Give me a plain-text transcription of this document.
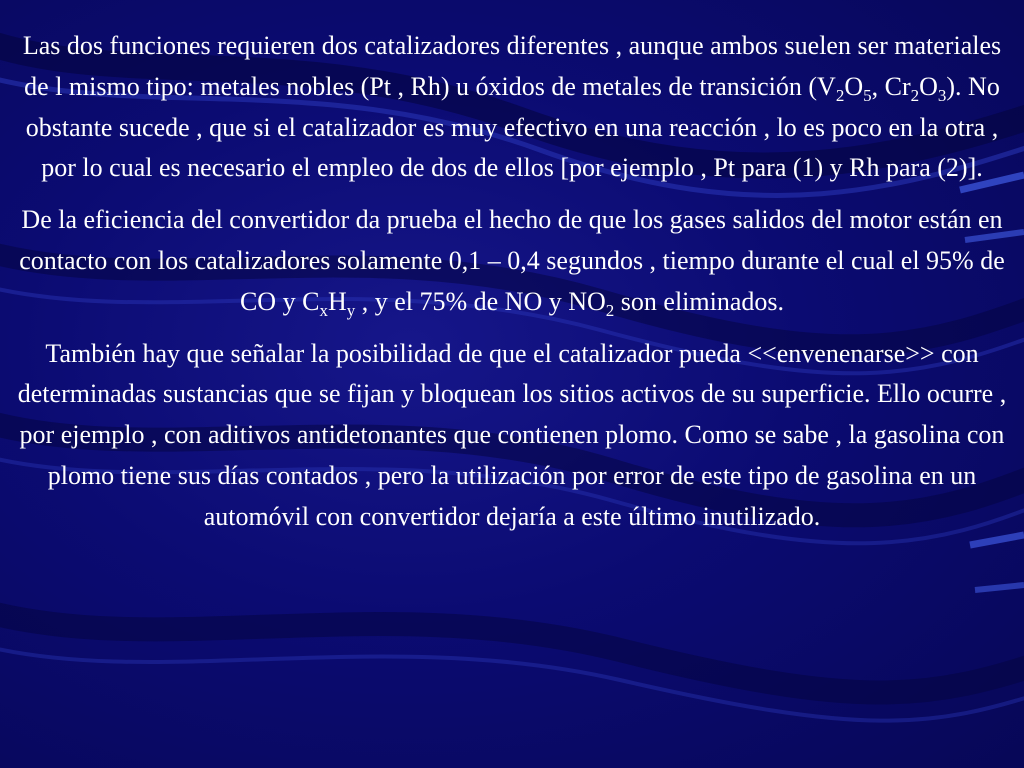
Las dos funciones requieren dos catalizadores diferentes , aunque ambos suelen ser materiales de l mismo tipo: metales nobles (Pt , Rh) u óxidos de metales de transición ($V_2O_5$, $Cr_2O_3$). No obstante sucede , que si el catalizador es muy efectivo en una reacción , lo es poco en la otra , por lo cual es necesario el empleo de dos de ellos [por ejemplo , Pt para (1) y Rh para (2)].

De la eficiencia del convertidor da prueba el hecho de que los gases salidos del motor están en contacto con los catalizadores solamente 0,1 – 0,4 segundos , tiempo durante el cual el 95% de CO y $C_xH_y$ , y el 75% de NO y $NO_2$ son eliminados.

También hay que señalar la posibilidad de que el catalizador pueda <<envenenarse>> con determinadas sustancias que se fijan y bloquean los sitios activos de su superficie. Ello ocurre , por ejemplo , con aditivos antidetonantes que contienen plomo. Como se sabe , la gasolina con plomo tiene sus días contados , pero la utilización por error de este tipo de gasolina en un automóvil con convertidor dejaría a este último inutilizado.
